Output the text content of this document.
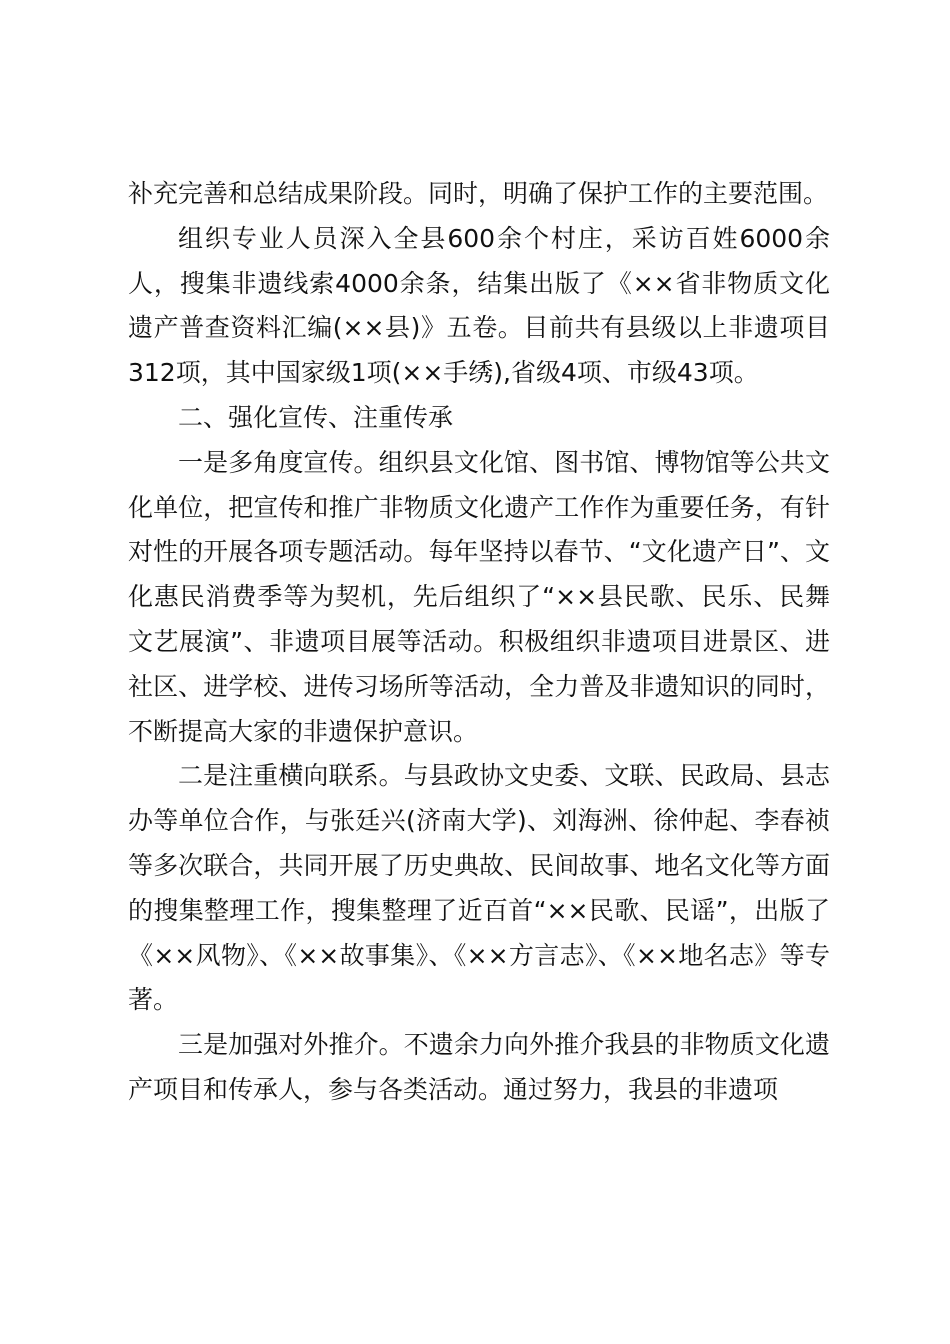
补充完善和总结成果阶段。同时，明确了保护工作的主要范围。

组织专业人员深入全县600余个村庄，采访百姓6000余人，搜集非遗线索4000余条，结集出版了《××省非物质文化遗产普查资料汇编(××县)》五卷。目前共有县级以上非遗项目312项，其中国家级1项(××手绣),省级4项、市级43项。

二、强化宣传、注重传承

一是多角度宣传。组织县文化馆、图书馆、博物馆等公共文化单位，把宣传和推广非物质文化遗产工作作为重要任务，有针对性的开展各项专题活动。每年坚持以春节、“文化遗产日”、文化惠民消费季等为契机，先后组织了“××县民歌、民乐、民舞文艺展演”、非遗项目展等活动。积极组织非遗项目进景区、进社区、进学校、进传习场所等活动，全力普及非遗知识的同时，不断提高大家的非遗保护意识。

二是注重横向联系。与县政协文史委、文联、民政局、县志办等单位合作，与张廷兴(济南大学)、刘海洲、徐仲起、李春祯等多次联合，共同开展了历史典故、民间故事、地名文化等方面的搜集整理工作，搜集整理了近百首“××民歌、民谣”，出版了《××风物》、《××故事集》、《××方言志》、《××地名志》等专著。

三是加强对外推介。不遗余力向外推介我县的非物质文化遗产项目和传承人，参与各类活动。通过努力，我县的非遗项
